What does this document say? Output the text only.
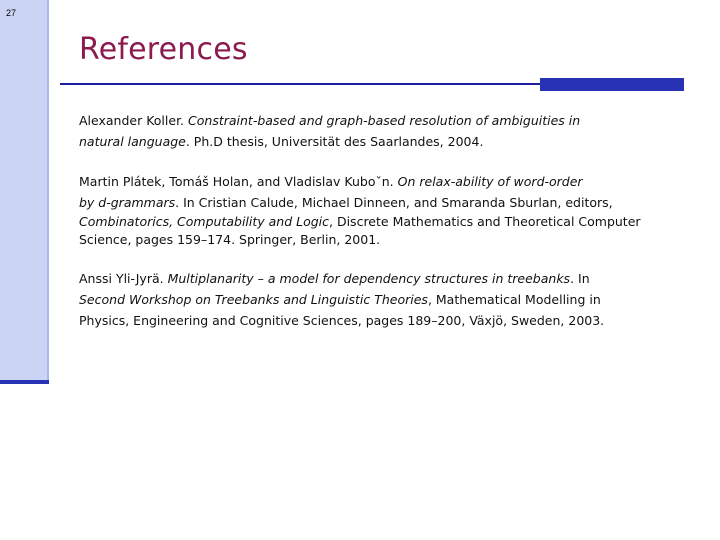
27
References

Alexander Koller. Constraint-based and graph-based resolution of ambiguities in
natural language. Ph.D thesis, Universität des Saarlandes, 2004.

Martin Plátek, Tomáš Holan, and Vladislav Kuboˇn. On relax-ability of word-order
by d-grammars. In Cristian Calude, Michael Dinneen, and Smaranda Sburlan, editors,
Combinatorics, Computability and Logic, Discrete Mathematics and Theoretical Computer
Science, pages 159–174. Springer, Berlin, 2001.

Anssi Yli-Jyrä. Multiplanarity – a model for dependency structures in treebanks. In
Second Workshop on Treebanks and Linguistic Theories, Mathematical Modelling in
Physics, Engineering and Cognitive Sciences, pages 189–200, Växjö, Sweden, 2003.
